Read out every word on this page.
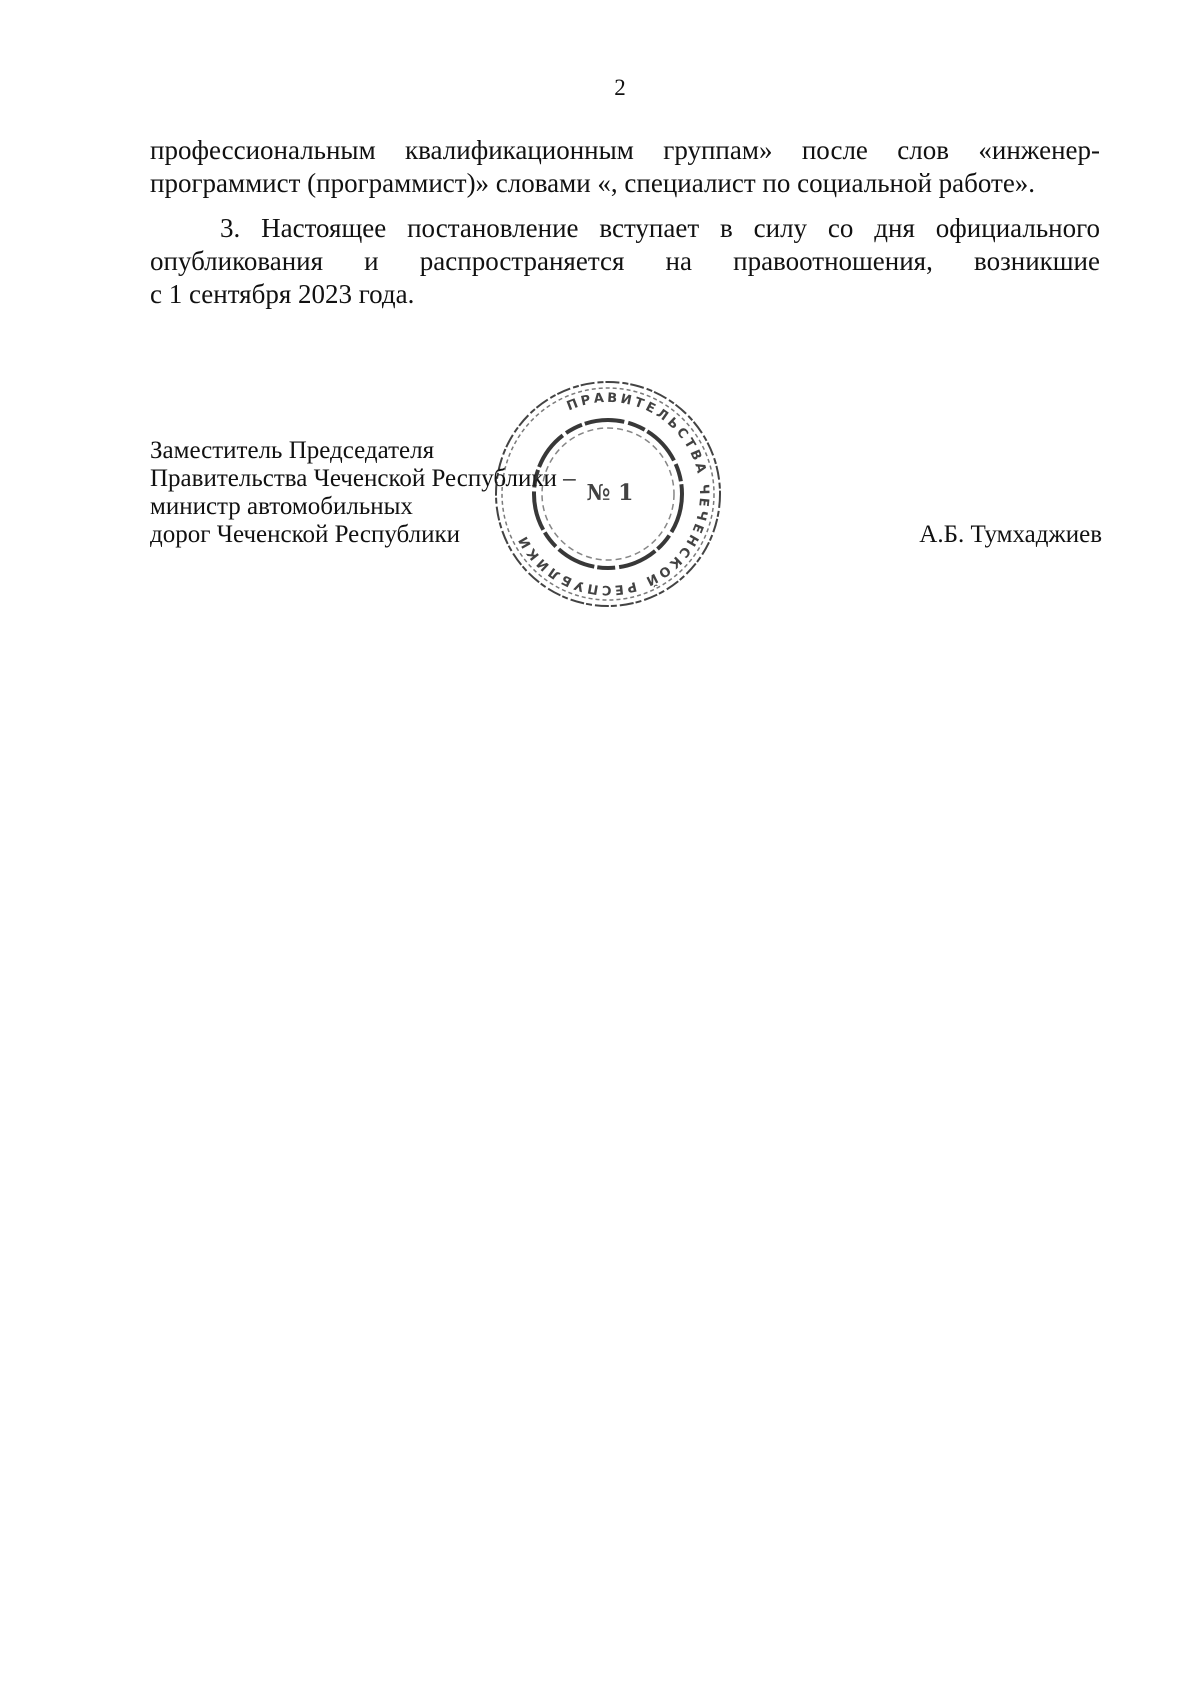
2
профессиональным квалификационным группам» после слов «инженер-
программист (программист)» словами «, специалист по социальной работе».
3. Настоящее постановление вступает в силу со дня официального
опубликования и распространяется на правоотношения, возникшие
с 1 сентября 2023 года.
Заместитель Председателя
Правительства Чеченской Республики –
министр автомобильных
дорог Чеченской Республики	А.Б. Тумхаджиев
ПРАВИТЕЛЬСТВА ЧЕЧЕНСКОЙ РЕСПУБЛИКИ
№ 1
